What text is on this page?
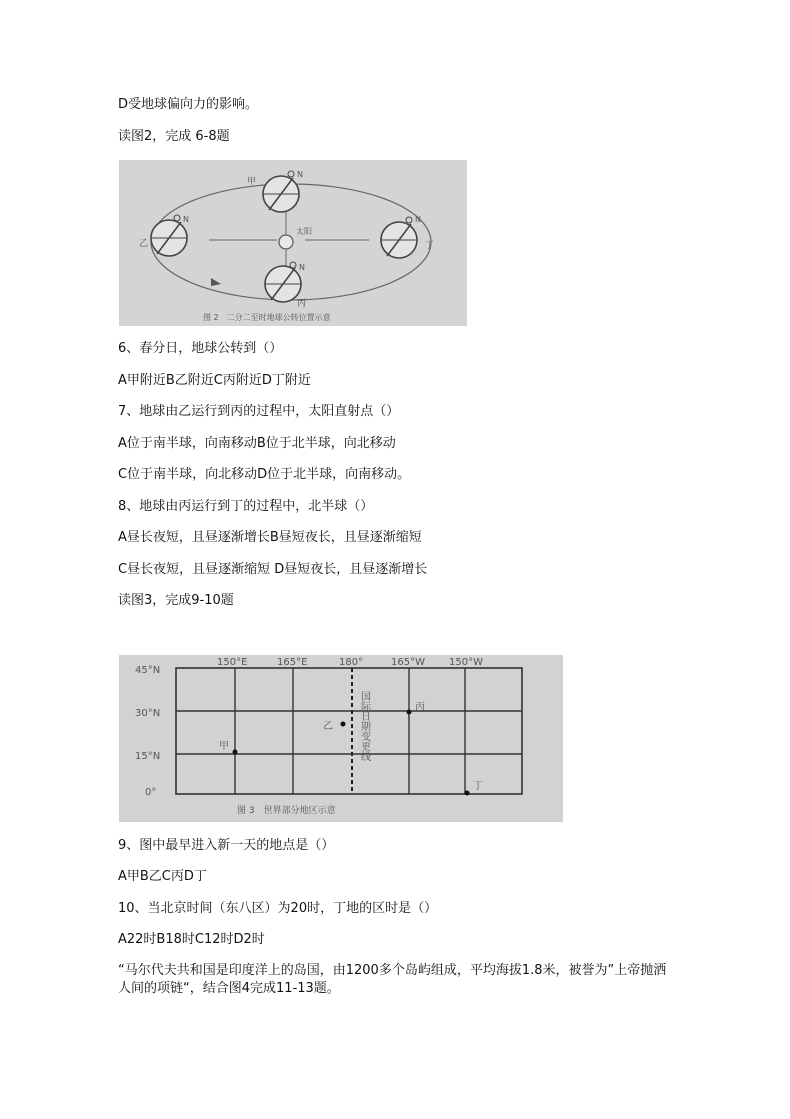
D受地球偏向力的影响。
读图2，完成 6-8题
太阳
N
甲
N
乙
N
丁
N
丙
图 2　二分二至时地球公转位置示意
6、春分日，地球公转到（）
A甲附近B乙附近C丙附近D丁附近
7、地球由乙运行到丙的过程中，太阳直射点（）
A位于南半球，向南移动B位于北半球，向北移动
C位于南半球，向北移动D位于北半球，向南移动。
8、地球由丙运行到丁的过程中，北半球（）
A昼长夜短，且昼逐渐增长B昼短夜长，且昼逐渐缩短
C昼长夜短，且昼逐渐缩短 D昼短夜长，且昼逐渐增长
读图3，完成9-10题
150°E	165°E	180°	165°W 150°W
45°N
30°N
15°N
0°
国际日期变更线
甲
乙
丙
丁
图 3　世界部分地区示意
9、图中最早进入新一天的地点是（）
A甲B乙C丙D丁
10、当北京时间（东八区）为20时，丁地的区时是（）
A22时B18时C12时D2时
“马尔代夫共和国是印度洋上的岛国，由1200多个岛屿组成，平均海拔1.8米，被誉为”上帝抛洒人间的项链“，结合图4完成11-13题。
